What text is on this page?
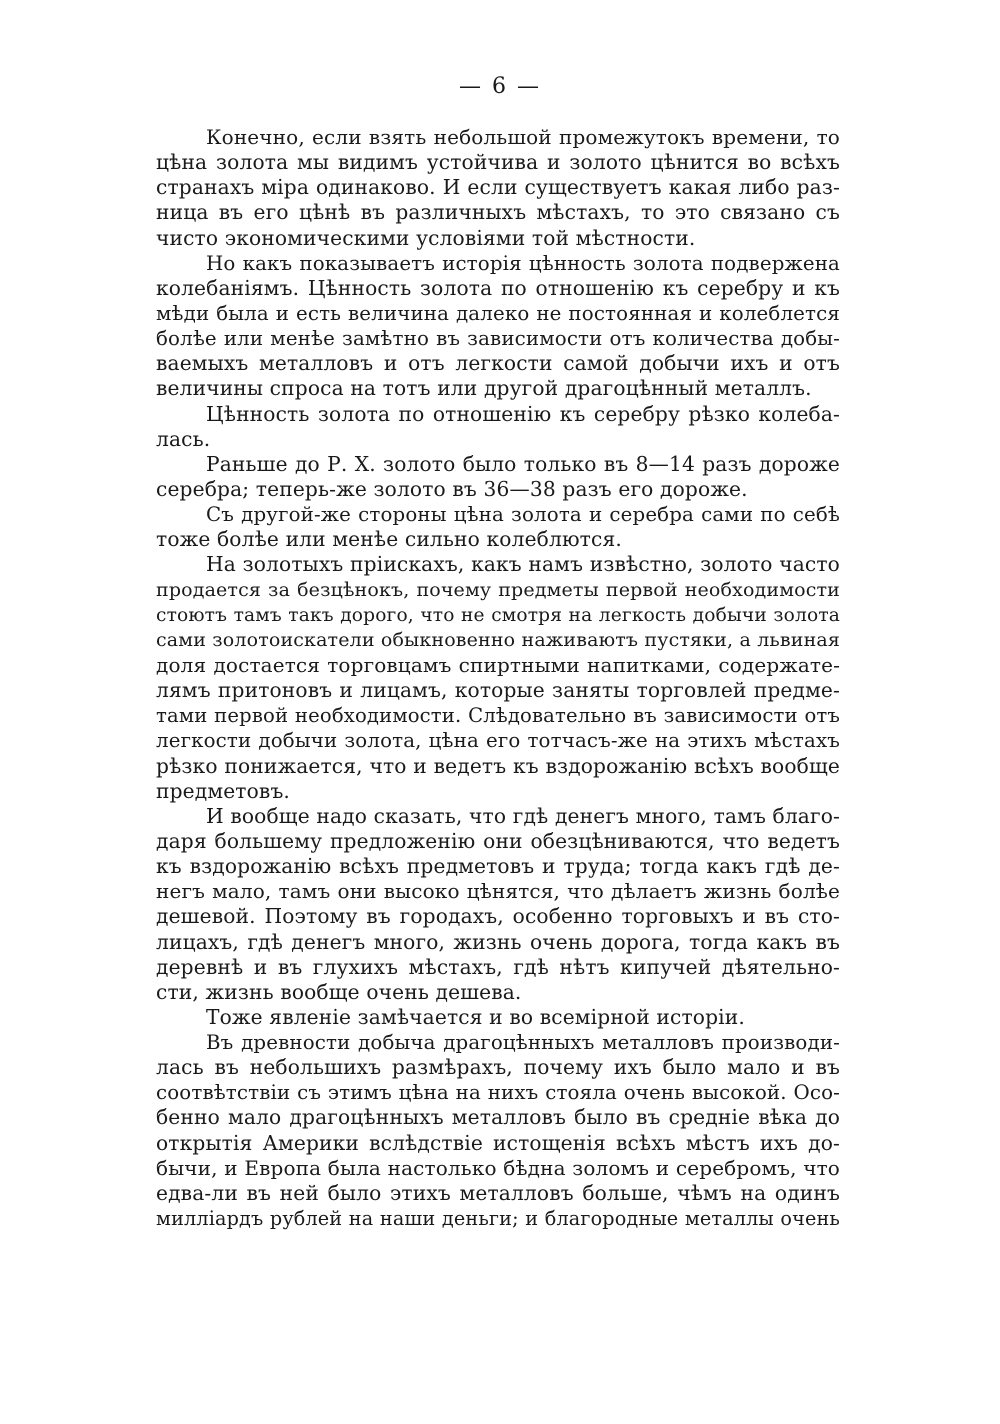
— 6 —
Конечно, если взять небольшой промежутокъ времени, то
цѣна золота мы видимъ устойчива и золото цѣнится во всѣхъ
странахъ міра одинаково. И если существуетъ какая либо раз-
ница въ его цѣнѣ въ различныхъ мѣстахъ, то это связано съ
чисто экономическими условіями той мѣстности.
Но какъ показываетъ исторія цѣнность золота подвержена
колебаніямъ. Цѣнность золота по отношенію къ серебру и къ
мѣди была и есть величина далеко не постоянная и колеблется
болѣе или менѣе замѣтно въ зависимости отъ количества добы-
ваемыхъ металловъ и отъ легкости самой добычи ихъ и отъ
величины спроса на тотъ или другой драгоцѣнный металлъ.
Цѣнность золота по отношенію къ серебру рѣзко колеба-
лась.
Раньше до Р. Х. золото было только въ 8—14 разъ дороже
серебра; теперь-же золото въ 36—38 разъ его дороже.
Съ другой-же стороны цѣна золота и серебра сами по себѣ
тоже болѣе или менѣе сильно колеблются.
На золотыхъ пріискахъ, какъ намъ извѣстно, золото часто
продается за безцѣнокъ, почему предметы первой необходимости
стоютъ тамъ такъ дорого, что не смотря на легкость добычи золота
сами золотоискатели обыкновенно наживаютъ пустяки, а львиная
доля достается торговцамъ спиртными напитками, содержате-
лямъ притоновъ и лицамъ, которые заняты торговлей предме-
тами первой необходимости. Слѣдовательно въ зависимости отъ
легкости добычи золота, цѣна его тотчасъ-же на этихъ мѣстахъ
рѣзко понижается, что и ведетъ къ вздорожанію всѣхъ вообще
предметовъ.
И вообще надо сказать, что гдѣ денегъ много, тамъ благо-
даря большему предложенію они обезцѣниваются, что ведетъ
къ вздорожанію всѣхъ предметовъ и труда; тогда какъ гдѣ де-
негъ мало, тамъ они высоко цѣнятся, что дѣлаетъ жизнь болѣе
дешевой. Поэтому въ городахъ, особенно торговыхъ и въ сто-
лицахъ, гдѣ денегъ много, жизнь очень дорога, тогда какъ въ
деревнѣ и въ глухихъ мѣстахъ, гдѣ нѣтъ кипучей дѣятельно-
сти, жизнь вообще очень дешева.
Тоже явленіе замѣчается и во всемірной исторіи.
Въ древности добыча драгоцѣнныхъ металловъ производи-
лась въ небольшихъ размѣрахъ, почему ихъ было мало и въ
соотвѣтствіи съ этимъ цѣна на нихъ стояла очень высокой. Осо-
бенно мало драгоцѣнныхъ металловъ было въ средніе вѣка до
открытія Америки вслѣдствіе истощенія всѣхъ мѣстъ ихъ до-
бычи, и Европа была настолько бѣдна золомъ и серебромъ, что
едва-ли въ ней было этихъ металловъ больше, чѣмъ на одинъ
милліардъ рублей на наши деньги; и благородные металлы очень
